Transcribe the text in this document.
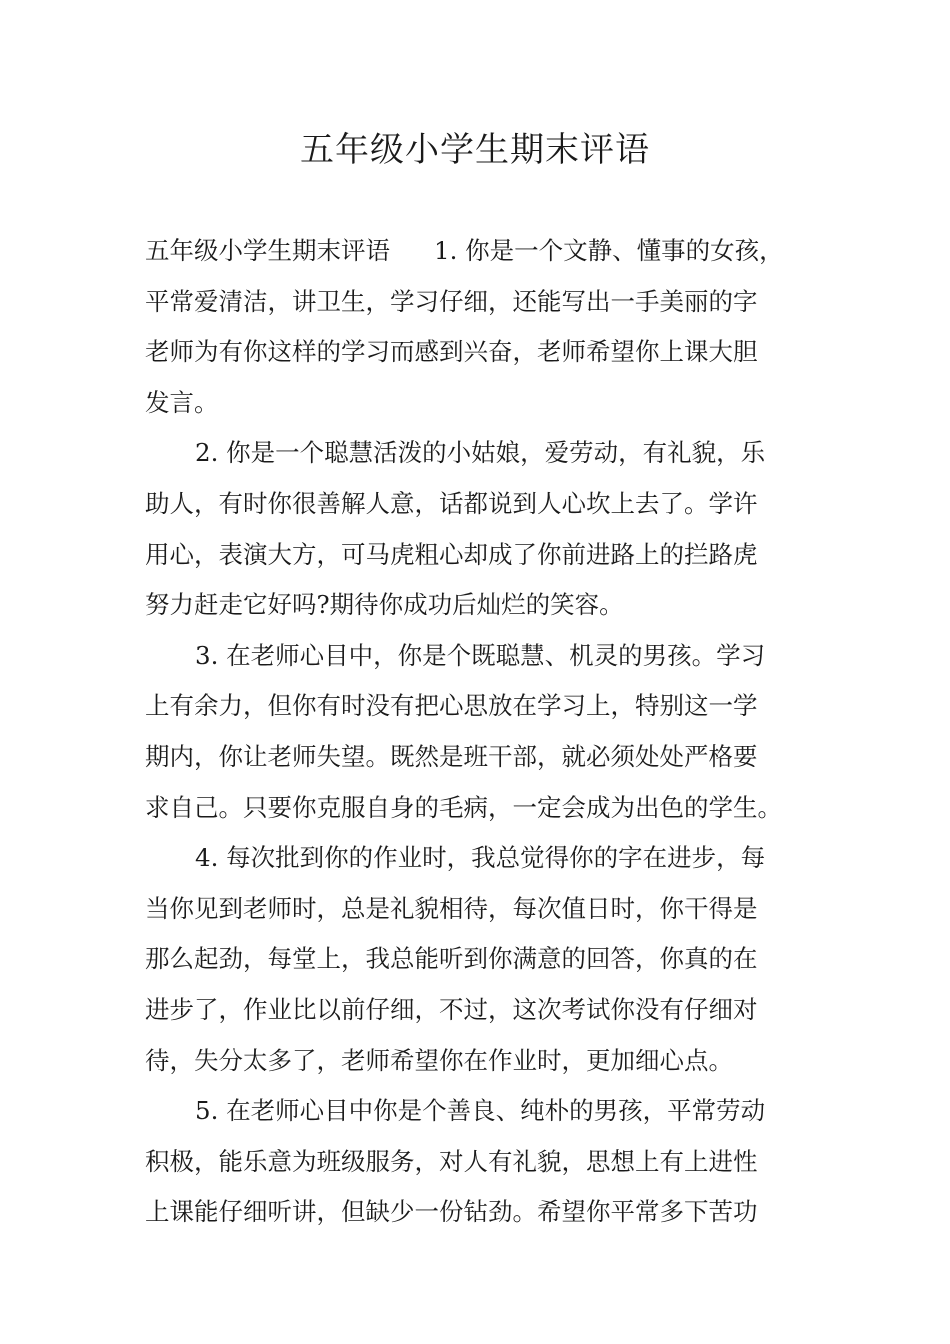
五年级小学生期末评语
五年级小学生期末评语 1. 你是一个文静、懂事的女孩，
平常爱清洁，讲卫生，学习仔细，还能写出一手美丽的字
老师为有你这样的学习而感到兴奋，老师希望你上课大胆
发言。
2. 你是一个聪慧活泼的小姑娘，爱劳动，有礼貌，乐
助人，有时你很善解人意，话都说到人心坎上去了。学许
用心，表演大方，可马虎粗心却成了你前进路上的拦路虎
努力赶走它好吗?期待你成功后灿烂的笑容。
3. 在老师心目中，你是个既聪慧、机灵的男孩。学习
上有余力，但你有时没有把心思放在学习上，特别这一学
期内，你让老师失望。既然是班干部，就必须处处严格要
求自己。只要你克服自身的毛病，一定会成为出色的学生。
4. 每次批到你的作业时，我总觉得你的字在进步，每
当你见到老师时，总是礼貌相待，每次值日时，你干得是
那么起劲，每堂上，我总能听到你满意的回答，你真的在
进步了，作业比以前仔细，不过，这次考试你没有仔细对
待，失分太多了，老师希望你在作业时，更加细心点。
5. 在老师心目中你是个善良、纯朴的男孩，平常劳动
积极，能乐意为班级服务，对人有礼貌，思想上有上进性
上课能仔细听讲，但缺少一份钻劲。希望你平常多下苦功
